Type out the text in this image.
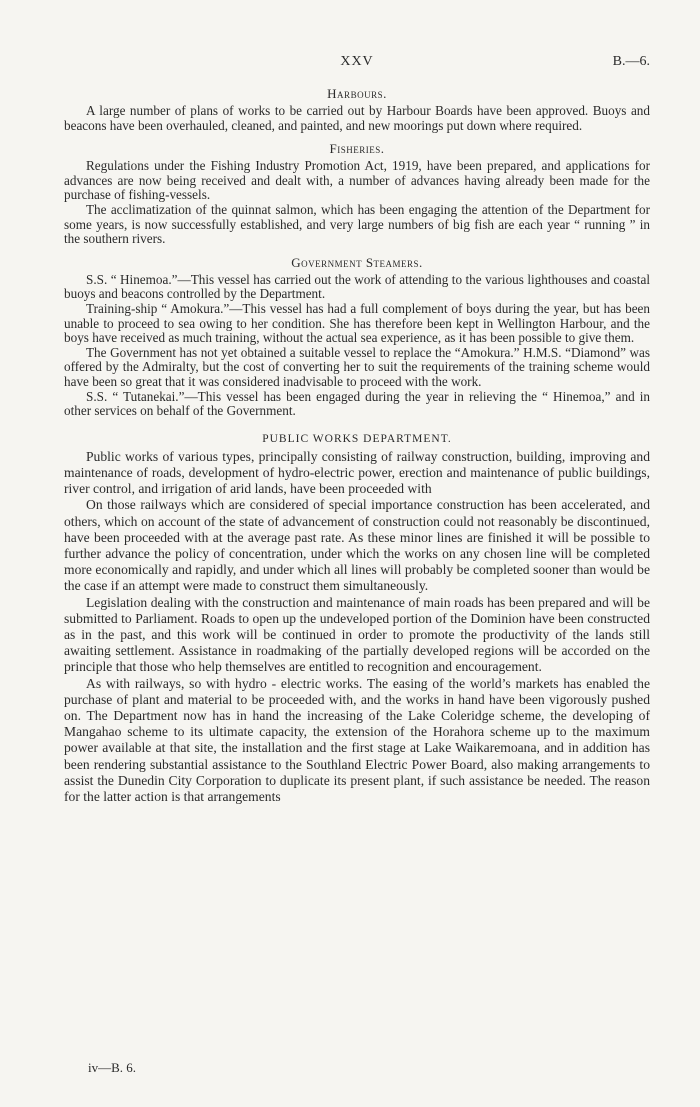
XXV	B.—6.
Harbours.

A large number of plans of works to be carried out by Harbour Boards have been approved. Buoys and beacons have been overhauled, cleaned, and painted, and new moorings put down where required.

Fisheries.

Regulations under the Fishing Industry Promotion Act, 1919, have been prepared, and applications for advances are now being received and dealt with, a number of advances having already been made for the purchase of fishing-vessels.

The acclimatization of the quinnat salmon, which has been engaging the attention of the Department for some years, is now successfully established, and very large numbers of big fish are each year “ running ” in the southern rivers.

Government Steamers.

S.S. “ Hinemoa.”—This vessel has carried out the work of attending to the various lighthouses and coastal buoys and beacons controlled by the Department.

Training-ship “ Amokura.”—This vessel has had a full complement of boys during the year, but has been unable to proceed to sea owing to her condition. She has therefore been kept in Wellington Harbour, and the boys have received as much training, without the actual sea experience, as it has been possible to give them.

The Government has not yet obtained a suitable vessel to replace the “Amokura.” H.M.S. “Diamond” was offered by the Admiralty, but the cost of converting her to suit the requirements of the training scheme would have been so great that it was considered inadvisable to proceed with the work.

S.S. “ Tutanekai.”—This vessel has been engaged during the year in relieving the “ Hinemoa,” and in other services on behalf of the Government.

PUBLIC WORKS DEPARTMENT.

Public works of various types, principally consisting of railway construction, building, improving and maintenance of roads, development of hydro-electric power, erection and maintenance of public buildings, river control, and irrigation of arid lands, have been proceeded with

On those railways which are considered of special importance construction has been accelerated, and others, which on account of the state of advancement of construction could not reasonably be discontinued, have been proceeded with at the average past rate. As these minor lines are finished it will be possible to further advance the policy of concentration, under which the works on any chosen line will be completed more economically and rapidly, and under which all lines will probably be completed sooner than would be the case if an attempt were made to construct them simultaneously.

Legislation dealing with the construction and maintenance of main roads has been prepared and will be submitted to Parliament. Roads to open up the undeveloped portion of the Dominion have been constructed as in the past, and this work will be continued in order to promote the productivity of the lands still awaiting settlement. Assistance in roadmaking of the partially developed regions will be accorded on the principle that those who help themselves are entitled to recognition and encouragement.

As with railways, so with hydro - electric works. The easing of the world’s markets has enabled the purchase of plant and material to be proceeded with, and the works in hand have been vigorously pushed on. The Department now has in hand the increasing of the Lake Coleridge scheme, the developing of Mangahao scheme to its ultimate capacity, the extension of the Horahora scheme up to the maximum power available at that site, the installation and the first stage at Lake Waikaremoana, and in addition has been rendering substantial assistance to the Southland Electric Power Board, also making arrangements to assist the Dunedin City Corporation to duplicate its present plant, if such assistance be needed. The reason for the latter action is that arrangements

iv—B. 6.
